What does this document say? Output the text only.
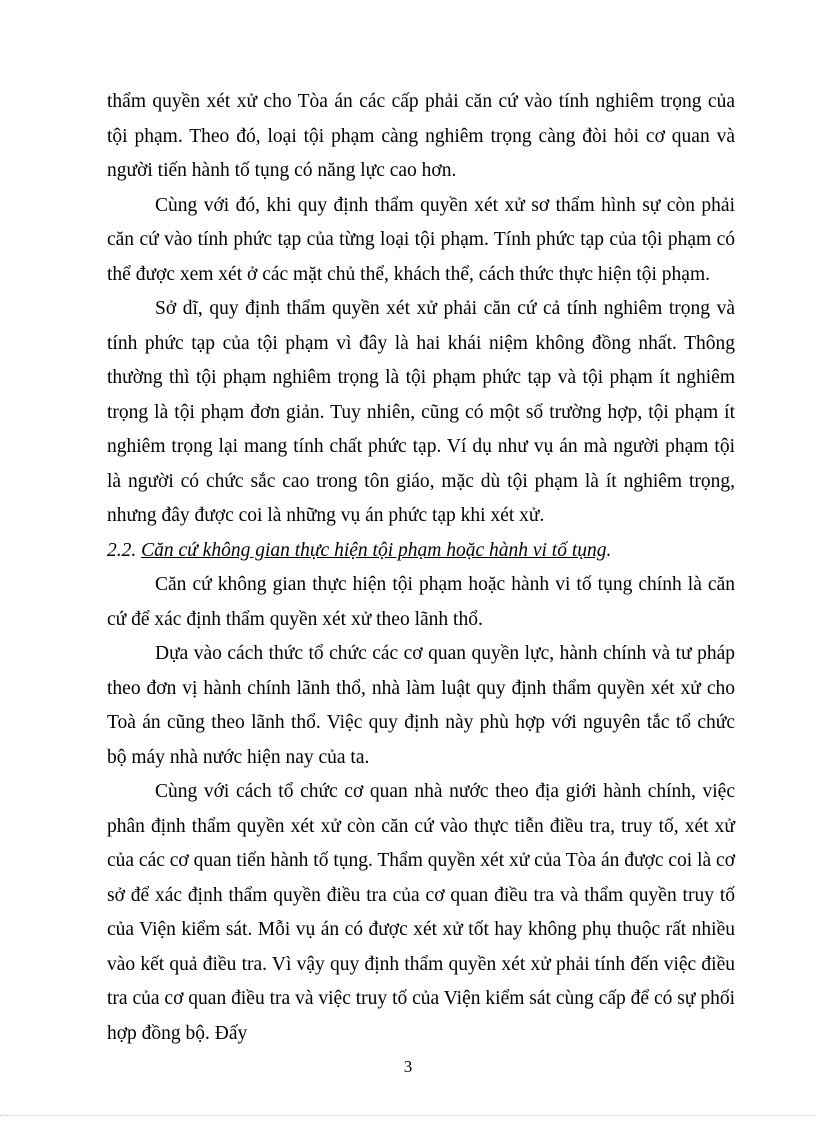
thẩm quyền xét xử cho Tòa án các cấp phải căn cứ vào tính nghiêm trọng của tội phạm. Theo đó, loại tội phạm càng nghiêm trọng càng đòi hỏi cơ quan và người tiến hành tố tụng có năng lực cao hơn.

Cùng với đó, khi quy định thẩm quyền xét xử sơ thẩm hình sự còn phải căn cứ vào tính phức tạp của từng loại tội phạm. Tính phức tạp của tội phạm có thể được xem xét ở các mặt chủ thể, khách thể, cách thức thực hiện tội phạm.

Sở dĩ, quy định thẩm quyền xét xử phải căn cứ cả tính nghiêm trọng và tính phức tạp của tội phạm vì đây là hai khái niệm không đồng nhất. Thông thường thì tội phạm nghiêm trọng là tội phạm phức tạp và tội phạm ít nghiêm trọng là tội phạm đơn giản. Tuy nhiên, cũng có một số trường hợp, tội phạm ít nghiêm trọng lại mang tính chất phức tạp. Ví dụ như vụ án mà người phạm tội là người có chức sắc cao trong tôn giáo, mặc dù tội phạm là ít nghiêm trọng, nhưng đây được coi là những vụ án phức tạp khi xét xử.

2.2. Căn cứ không gian thực hiện tội phạm hoặc hành vi tố tụng.

Căn cứ không gian thực hiện tội phạm hoặc hành vi tố tụng chính là căn cứ để xác định thẩm quyền xét xử theo lãnh thổ.

Dựa vào cách thức tổ chức các cơ quan quyền lực, hành chính và tư pháp theo đơn vị hành chính lãnh thổ, nhà làm luật quy định thẩm quyền xét xử cho Toà án cũng theo lãnh thổ. Việc quy định này phù hợp với nguyên tắc tổ chức bộ máy nhà nước hiện nay của ta.

Cùng với cách tổ chức cơ quan nhà nước theo địa giới hành chính, việc phân định thẩm quyền xét xử còn căn cứ vào thực tiễn điều tra, truy tố, xét xử của các cơ quan tiến hành tố tụng. Thẩm quyền xét xử của Tòa án được coi là cơ sở để xác định thẩm quyền điều tra của cơ quan điều tra và thẩm quyền truy tố của Viện kiểm sát. Mỗi vụ án có được xét xử tốt hay không phụ thuộc rất nhiều vào kết quả điều tra. Vì vậy quy định thẩm quyền xét xử phải tính đến việc điều tra của cơ quan điều tra và việc truy tố của Viện kiểm sát cùng cấp để có sự phối hợp đồng bộ. Đấy

3
